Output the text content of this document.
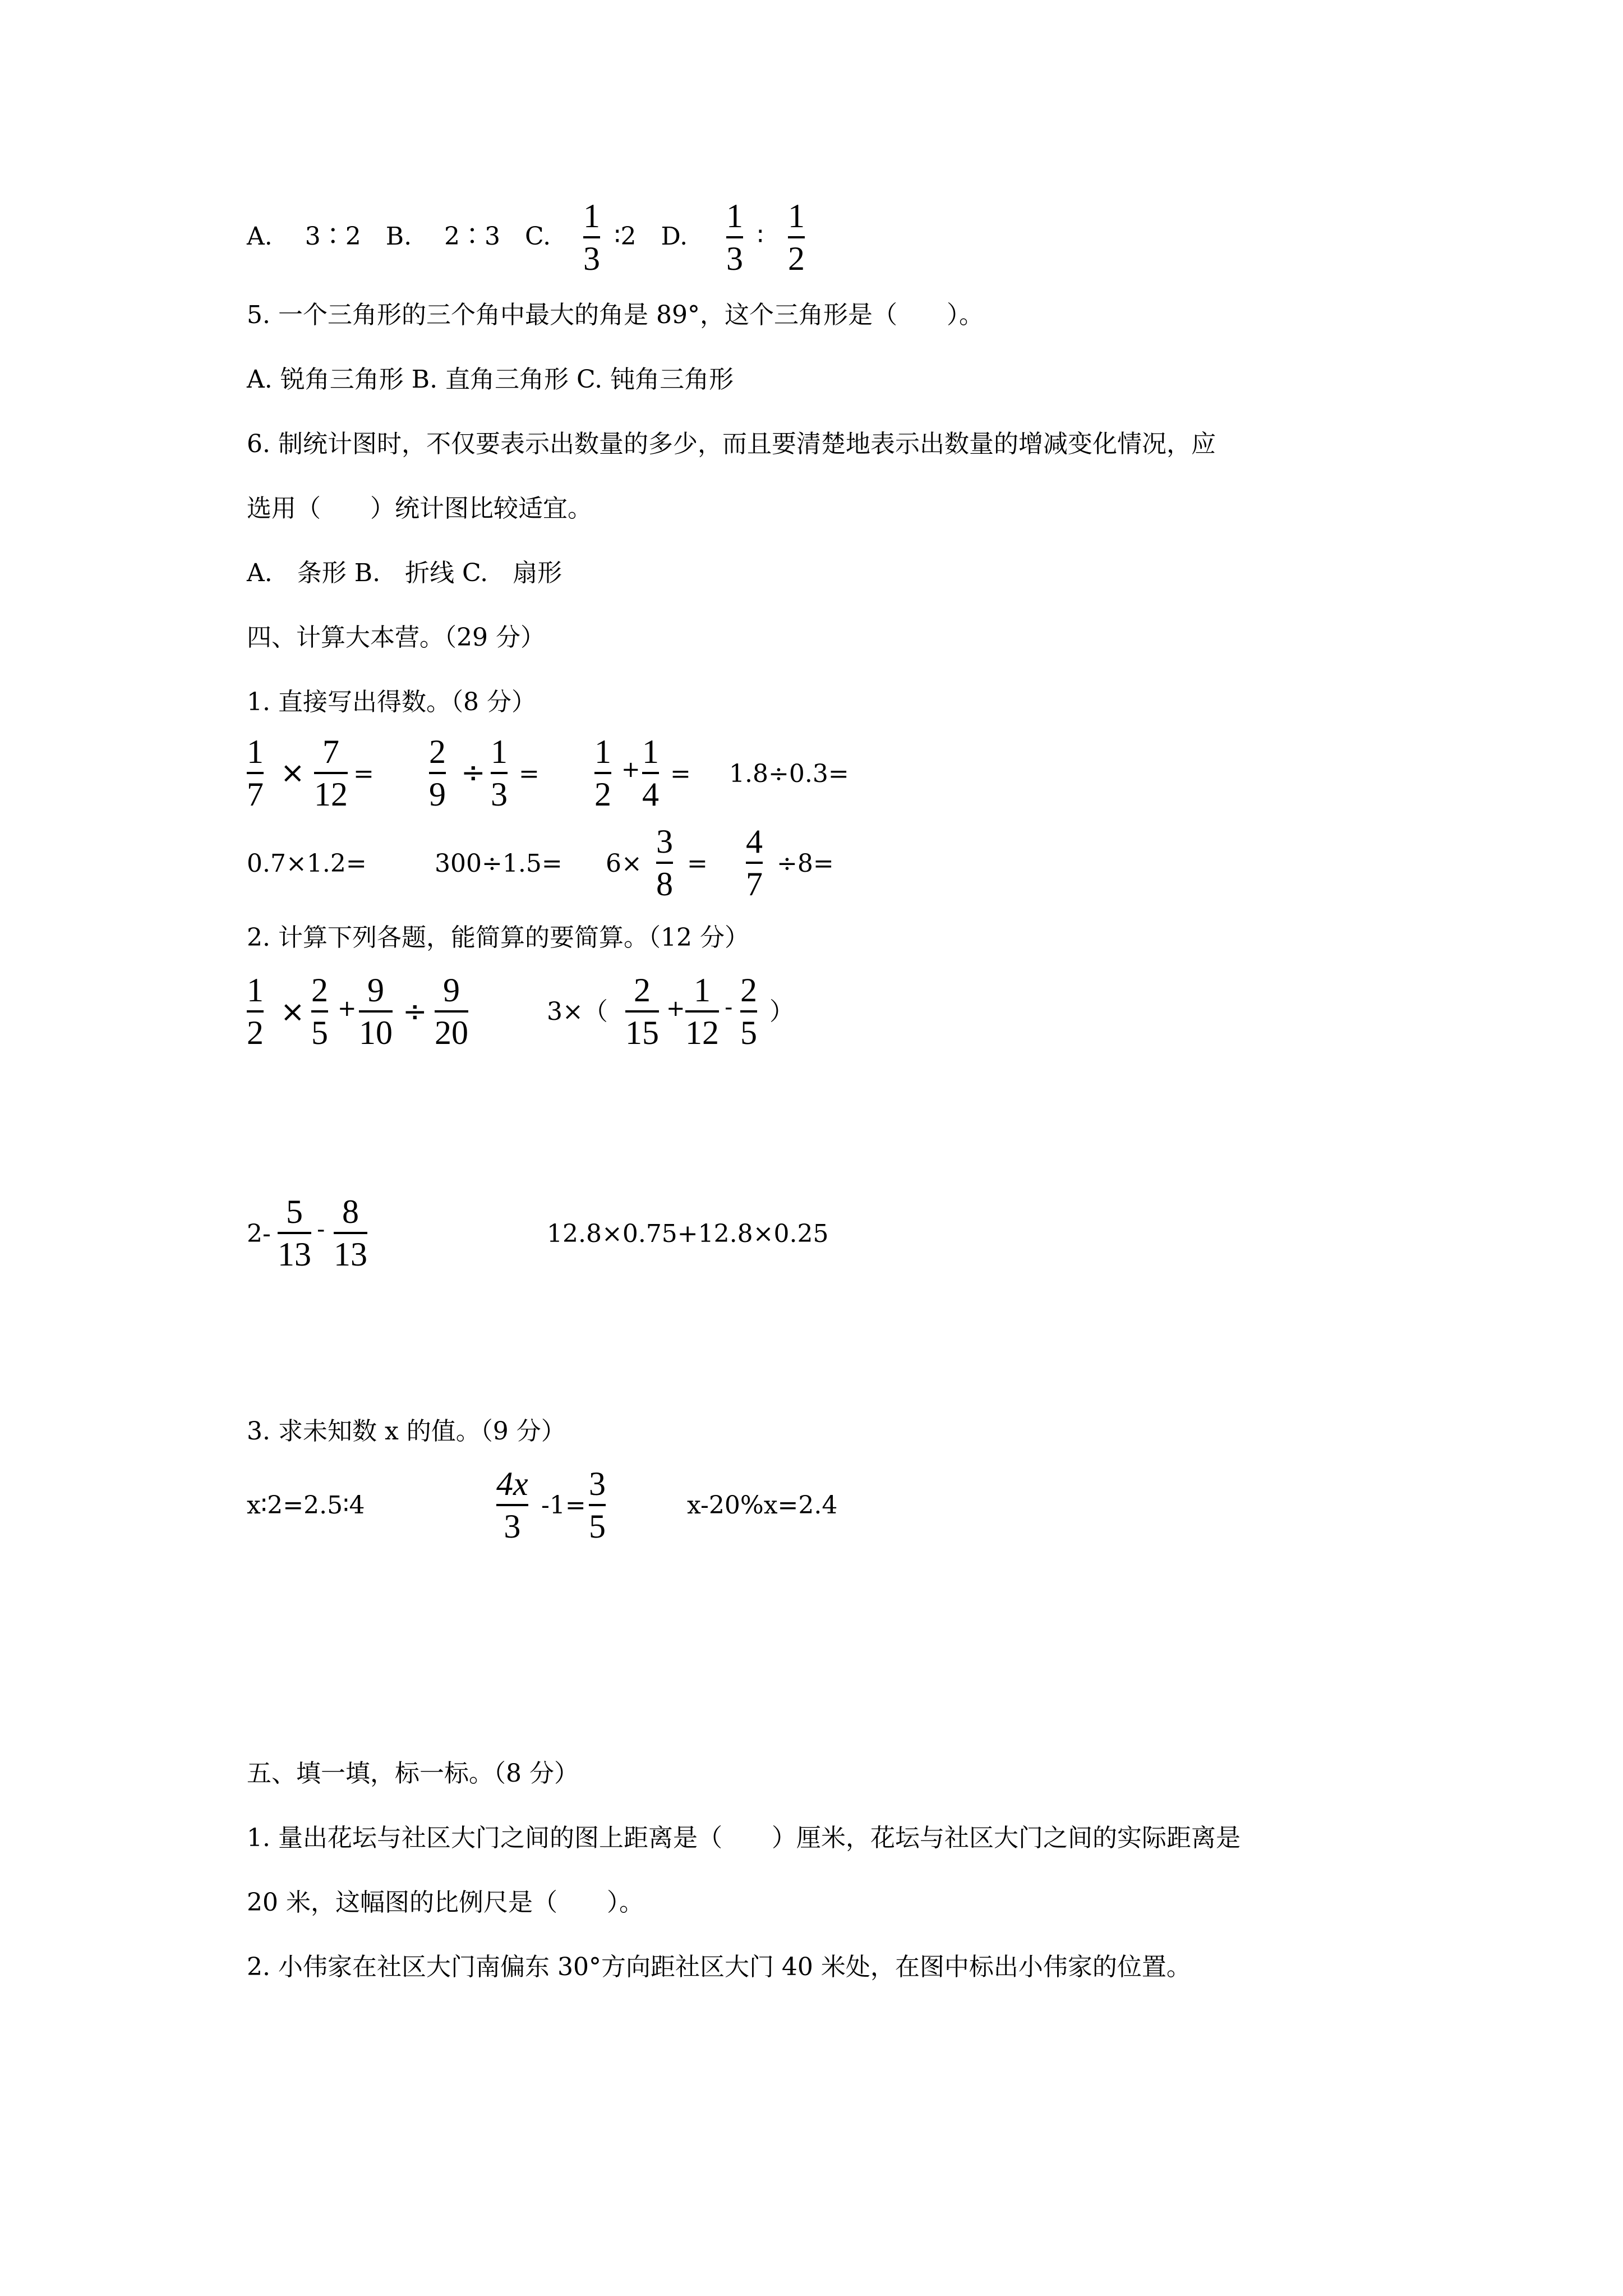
A.　 3∶2　B.　 2∶3　C.
1
3
∶2　D.
1
3
∶
1
2
5. 一个三角形的三个角中最大的角是 89°，这个三角形是（　　）。
A. 锐角三角形 B. 直角三角形 C. 钝角三角形
6. 制统计图时，不仅要表示出数量的多少，而且要清楚地表示出数量的增减变化情况，应
选用（　　）统计图比较适宜。
A.　条形 B.　折线 C.　扇形
四、计算大本营。（29 分）
1. 直接写出得数。（8 分）
1
7
×
7
12
=
2
9
÷
1
3
=
1
2
+ 1
4
= 1.8÷0.3=
0.7×1.2=	300÷1.5= 6×
3
8
=
4
7
÷8=
2. 计算下列各题，能简算的要简算。（12 分）
1
2
×
2
5
+ 9
10
÷
9
20
3×（
2
15
+ 1
12
- 2
5
）
2-
5
13
- 8
13
12.8×0.75+12.8×0.25
3. 求未知数 x 的值。（9 分）
x∶2=2.5∶4
4x
3
-1=
3
5
x-20%x=2.4
五、填一填，标一标。（8 分）
1. 量出花坛与社区大门之间的图上距离是（　　）厘米，花坛与社区大门之间的实际距离是
20 米，这幅图的比例尺是（　　）。
2. 小伟家在社区大门南偏东 30°方向距社区大门 40 米处，在图中标出小伟家的位置。
